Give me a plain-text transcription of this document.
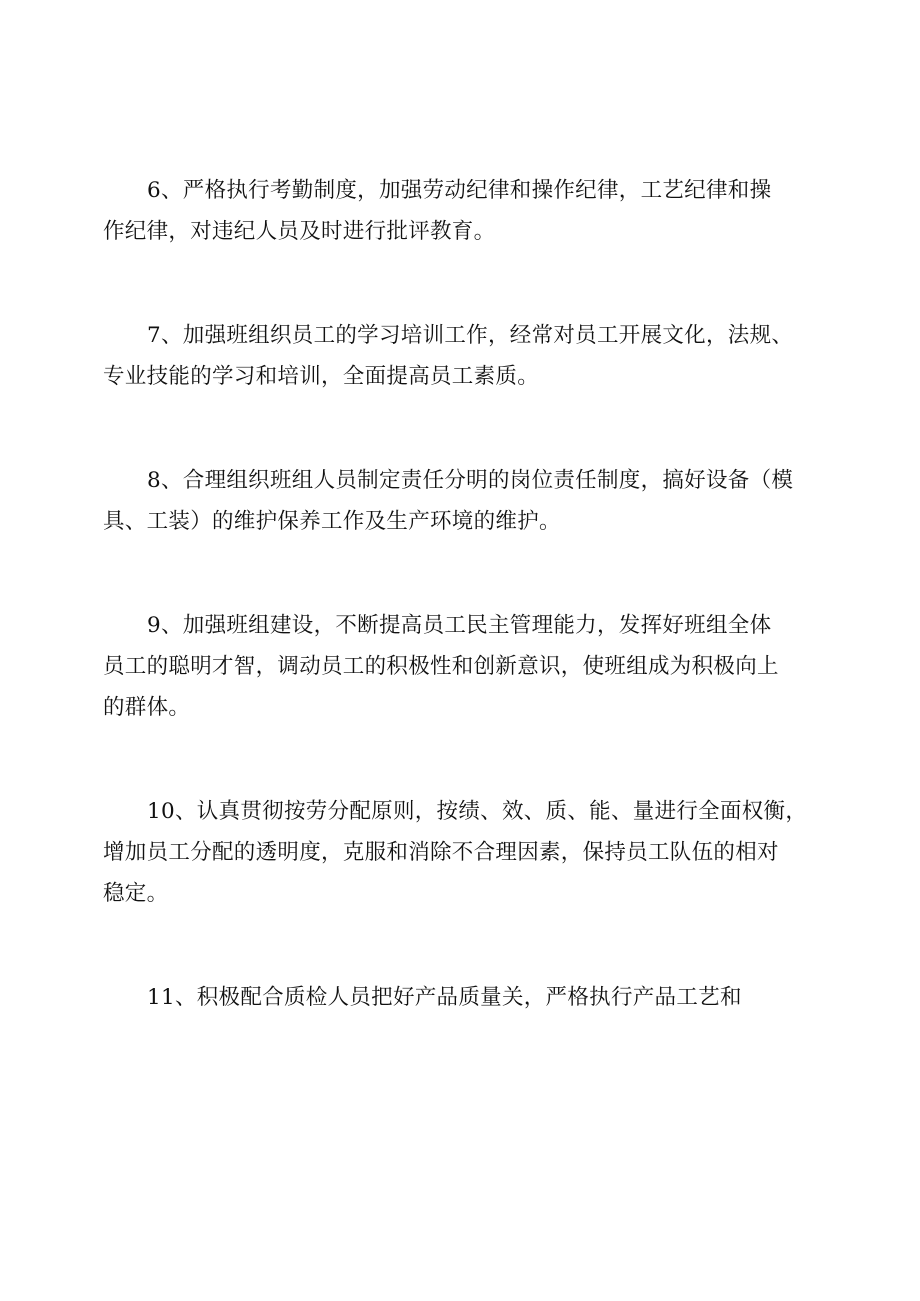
6、严格执行考勤制度，加强劳动纪律和操作纪律，工艺纪律和操
作纪律，对违纪人员及时进行批评教育。

7、加强班组织员工的学习培训工作，经常对员工开展文化，法规、
专业技能的学习和培训，全面提高员工素质。

8、合理组织班组人员制定责任分明的岗位责任制度，搞好设备（模
具、工装）的维护保养工作及生产环境的维护。

9、加强班组建设，不断提高员工民主管理能力，发挥好班组全体
员工的聪明才智，调动员工的积极性和创新意识，使班组成为积极向上
的群体。

10、认真贯彻按劳分配原则，按绩、效、质、能、量进行全面权衡，
增加员工分配的透明度，克服和消除不合理因素，保持员工队伍的相对
稳定。

11、积极配合质检人员把好产品质量关，严格执行产品工艺和
